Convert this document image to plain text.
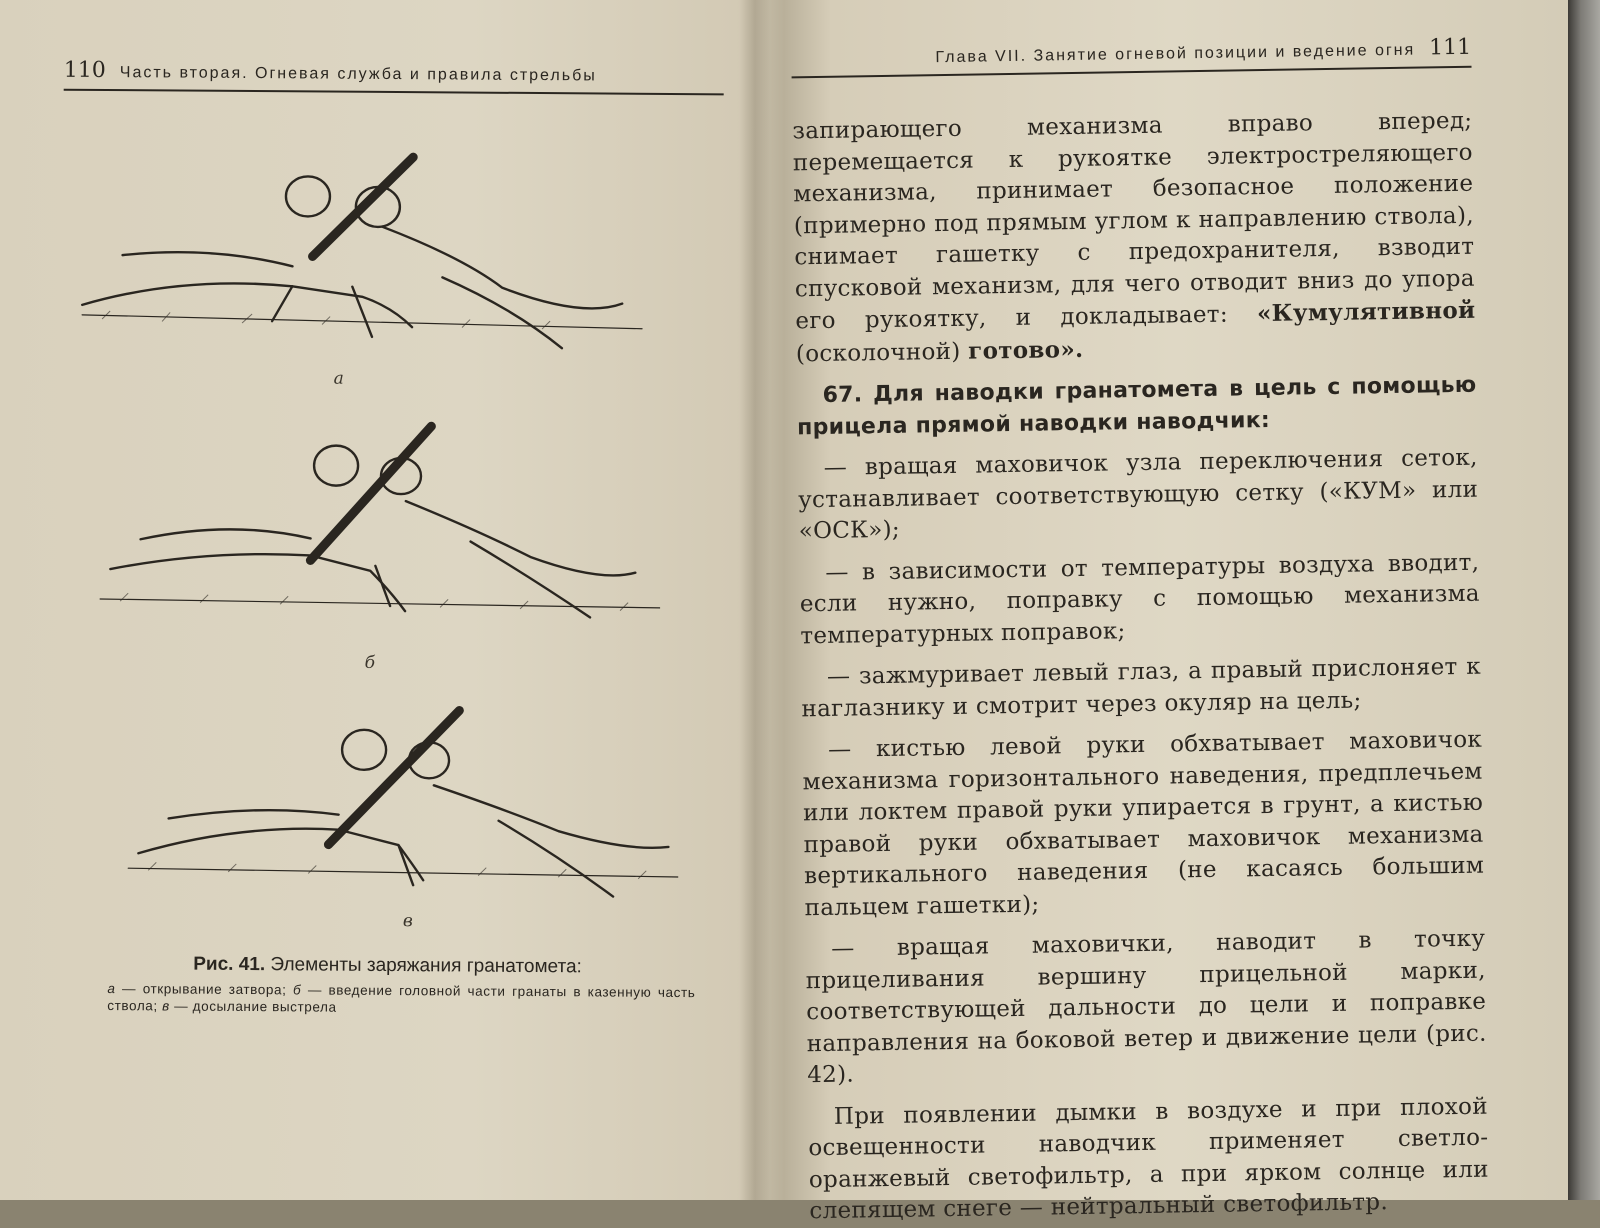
110 Часть вторая. Огневая служба и правила стрельбы
а
б
в
Рис. 41. Элементы заряжания гранатомета:
а — открывание затвора; б — введение головной части гранаты в казенную часть ствола; в — досылание выстрела
Глава VII. Занятие огневой позиции и ведение огня 111

запирающего механизма вправо вперед; перемещается к рукоятке электростреляющего механизма, принимает безопасное положение (примерно под прямым углом к направлению ствола), снимает гашетку с предохранителя, взводит спусковой механизм, для чего отводит вниз до упора его рукоятку, и докладывает: «Кумулятивной (осколочной) готово».

67. Для наводки гранатомета в цель с помощью прицела прямой наводки наводчик:

— вращая маховичок узла переключения сеток, устанавливает соответствующую сетку («КУМ» или «ОСК»);

— в зависимости от температуры воздуха вводит, если нужно, поправку с помощью механизма температурных поправок;

— зажмуривает левый глаз, а правый прислоняет к наглазнику и смотрит через окуляр на цель;

— кистью левой руки обхватывает маховичок механизма горизонтального наведения, предплечьем или локтем правой руки упирается в грунт, а кистью правой руки обхватывает маховичок механизма вертикального наведения (не касаясь большим пальцем гашетки);

— вращая маховички, наводит в точку прицеливания вершину прицельной марки, соответствующей дальности до цели и поправке направления на боковой ветер и движение цели (рис. 42).

При появлении дымки в воздухе и при плохой освещенности наводчик применяет светло-оранжевый светофильтр, а при ярком солнце или слепящем снеге — нейтральный светофильтр.
